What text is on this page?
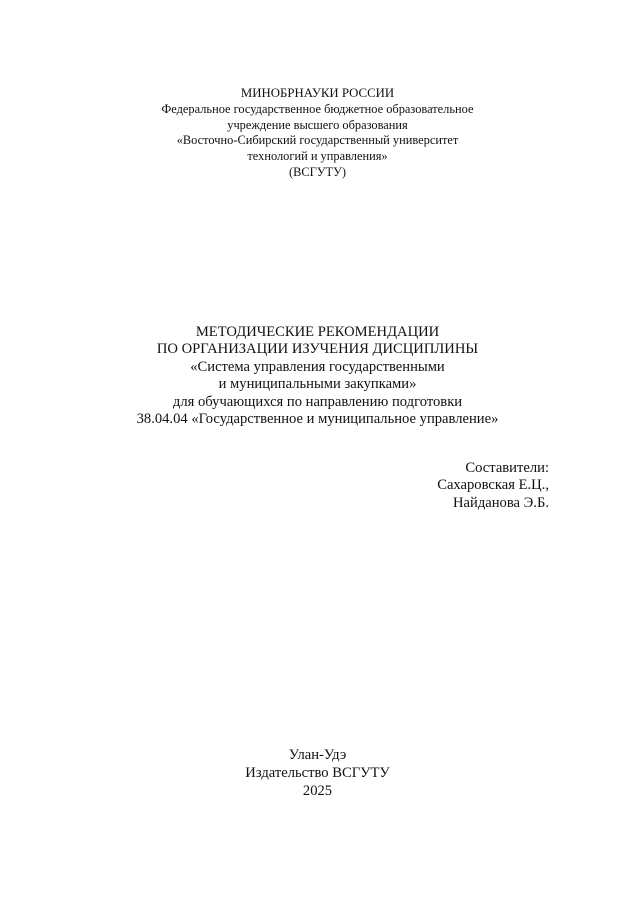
МИНОБРНАУКИ РОССИИ
Федеральное государственное бюджетное образовательное
учреждение высшего образования
«Восточно-Сибирский государственный университет
технологий и управления»
(ВСГУТУ)
МЕТОДИЧЕСКИЕ РЕКОМЕНДАЦИИ
ПО ОРГАНИЗАЦИИ ИЗУЧЕНИЯ ДИСЦИПЛИНЫ
«Система управления государственными
и муниципальными закупками»
для обучающихся по направлению подготовки
38.04.04 «Государственное и муниципальное управление»
Составители:
Сахаровская Е.Ц.,
Найданова Э.Б.
Улан-Удэ
Издательство ВСГУТУ
2025
